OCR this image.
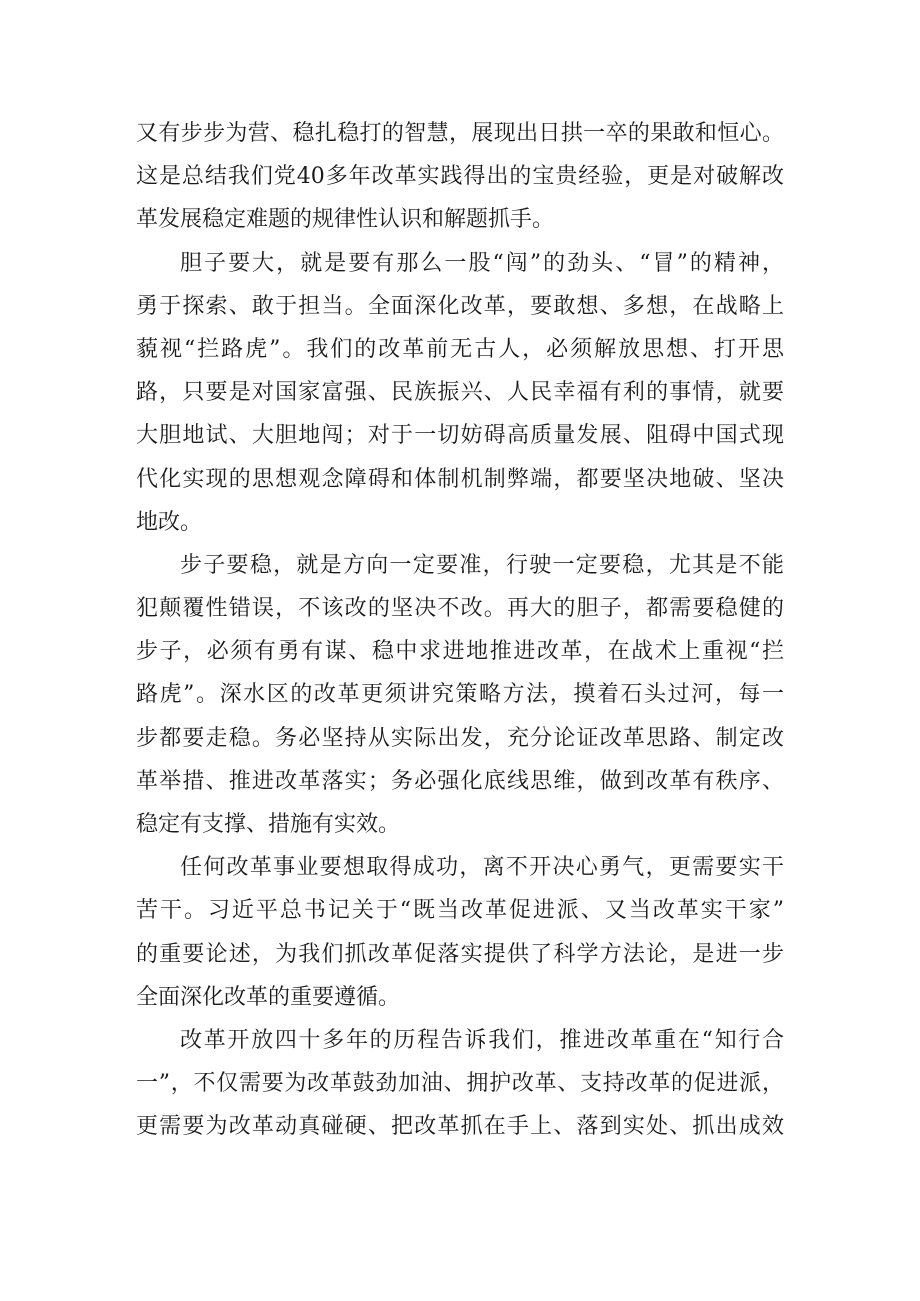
又有步步为营、稳扎稳打的智慧，展现出日拱一卒的果敢和恒心。
这是总结我们党40多年改革实践得出的宝贵经验，更是对破解改
革发展稳定难题的规律性认识和解题抓手。
胆子要大，就是要有那么一股“闯”的劲头、“冒”的精神，
勇于探索、敢于担当。全面深化改革，要敢想、多想，在战略上
藐视“拦路虎”。我们的改革前无古人，必须解放思想、打开思
路，只要是对国家富强、民族振兴、人民幸福有利的事情，就要
大胆地试、大胆地闯；对于一切妨碍高质量发展、阻碍中国式现
代化实现的思想观念障碍和体制机制弊端，都要坚决地破、坚决
地改。
步子要稳，就是方向一定要准，行驶一定要稳，尤其是不能
犯颠覆性错误，不该改的坚决不改。再大的胆子，都需要稳健的
步子，必须有勇有谋、稳中求进地推进改革，在战术上重视“拦
路虎”。深水区的改革更须讲究策略方法，摸着石头过河，每一
步都要走稳。务必坚持从实际出发，充分论证改革思路、制定改
革举措、推进改革落实；务必强化底线思维，做到改革有秩序、
稳定有支撑、措施有实效。
任何改革事业要想取得成功，离不开决心勇气，更需要实干
苦干。习近平总书记关于“既当改革促进派、又当改革实干家”
的重要论述，为我们抓改革促落实提供了科学方法论，是进一步
全面深化改革的重要遵循。
改革开放四十多年的历程告诉我们，推进改革重在“知行合
一”，不仅需要为改革鼓劲加油、拥护改革、支持改革的促进派，
更需要为改革动真碰硬、把改革抓在手上、落到实处、抓出成效
